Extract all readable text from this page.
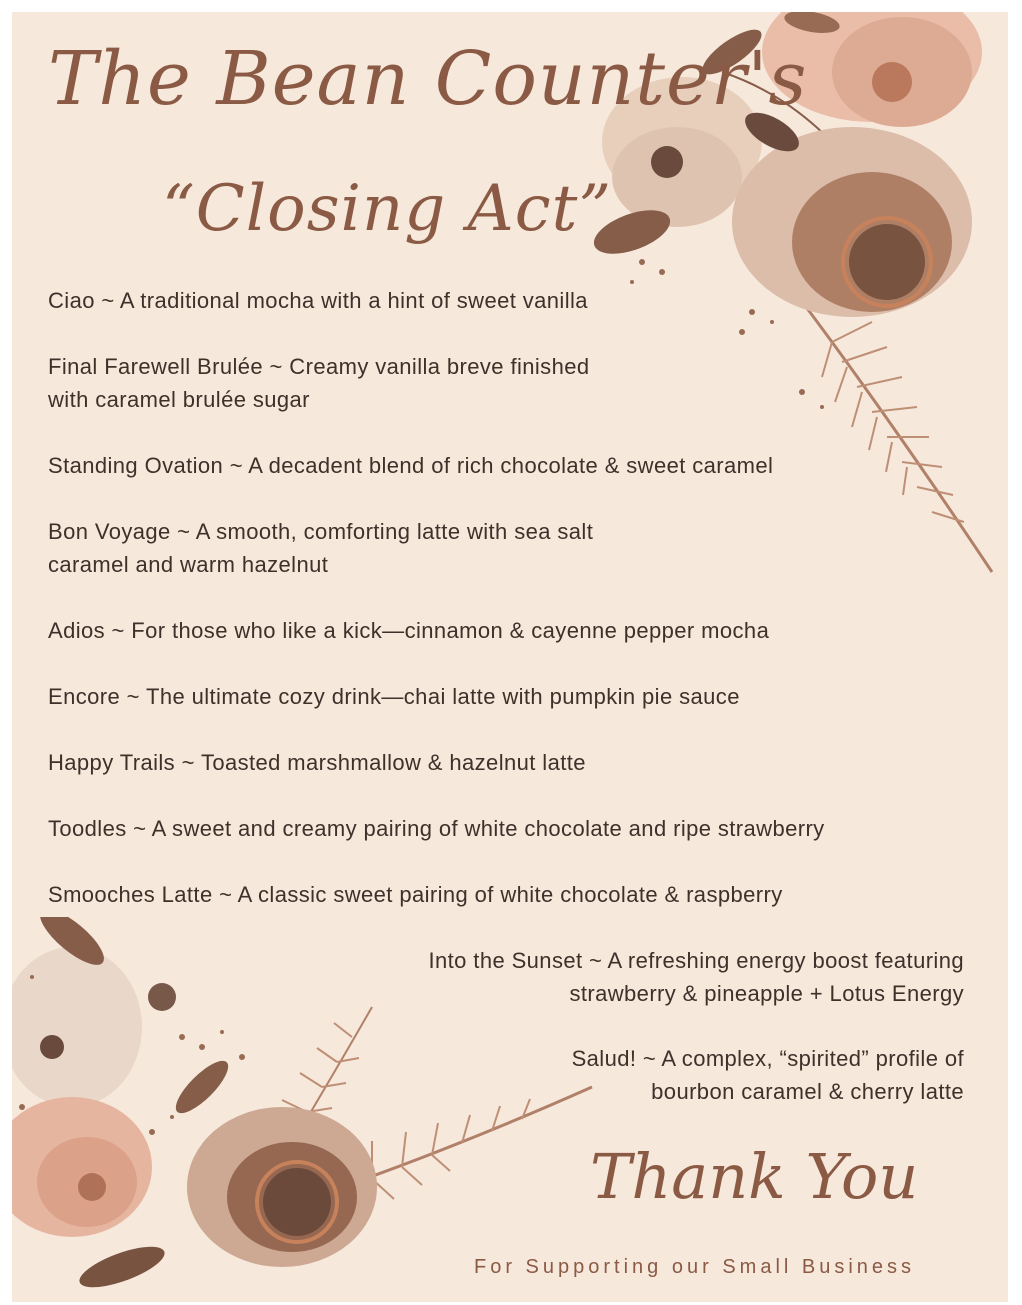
The Bean Counter's
“Closing Act”
Ciao ~ A traditional mocha with a hint of sweet vanilla
Final Farewell Brulée ~ Creamy vanilla breve finished
with caramel brulée sugar
Standing Ovation ~ A decadent blend of rich chocolate & sweet caramel
Bon Voyage ~ A smooth, comforting latte with sea salt
caramel and warm hazelnut
Adios ~ For those who like a kick—cinnamon & cayenne pepper mocha
Encore ~ The ultimate cozy drink—chai latte with pumpkin pie sauce
Happy Trails ~ Toasted marshmallow & hazelnut latte
Toodles ~ A sweet and creamy pairing of white chocolate and ripe strawberry
Smooches Latte ~ A classic sweet pairing of white chocolate & raspberry
Into the Sunset ~ A refreshing energy boost featuring
strawberry & pineapple + Lotus Energy
Salud! ~ A complex, “spirited” profile of
bourbon caramel & cherry latte
Thank You
For Supporting our Small Business
